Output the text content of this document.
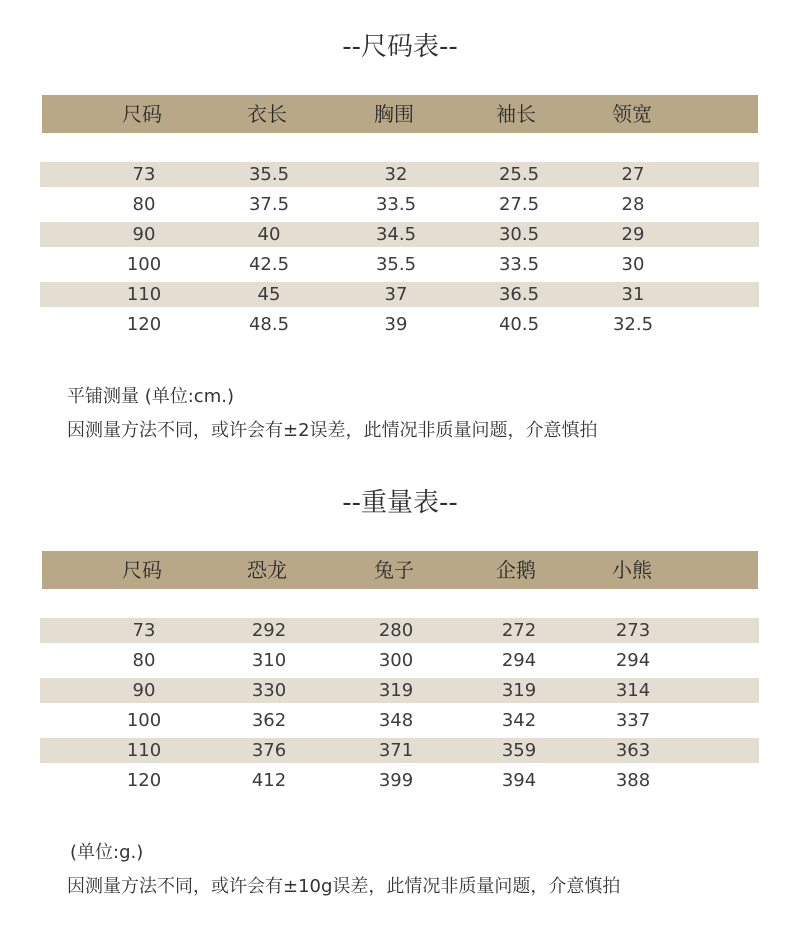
--尺码表--
尺码	衣长	胸围	袖长	领宽
73	35.5	32	25.5	27
80	37.5	33.5	27.5	28
90	40	34.5	30.5	29
100	42.5	35.5	33.5	30
110	45	37	36.5	31
120	48.5	39	40.5	32.5
平铺测量 (单位:cm.)
因测量方法不同，或许会有±2误差，此情况非质量问题，介意慎拍
--重量表--
尺码	恐龙	兔子	企鹅	小熊
73	292	280	272	273
80	310	300	294	294
90	330	319	319	314
100	362	348	342	337
110	376	371	359	363
120	412	399	394	388
(单位:g.)
因测量方法不同，或许会有±10g误差，此情况非质量问题，介意慎拍
